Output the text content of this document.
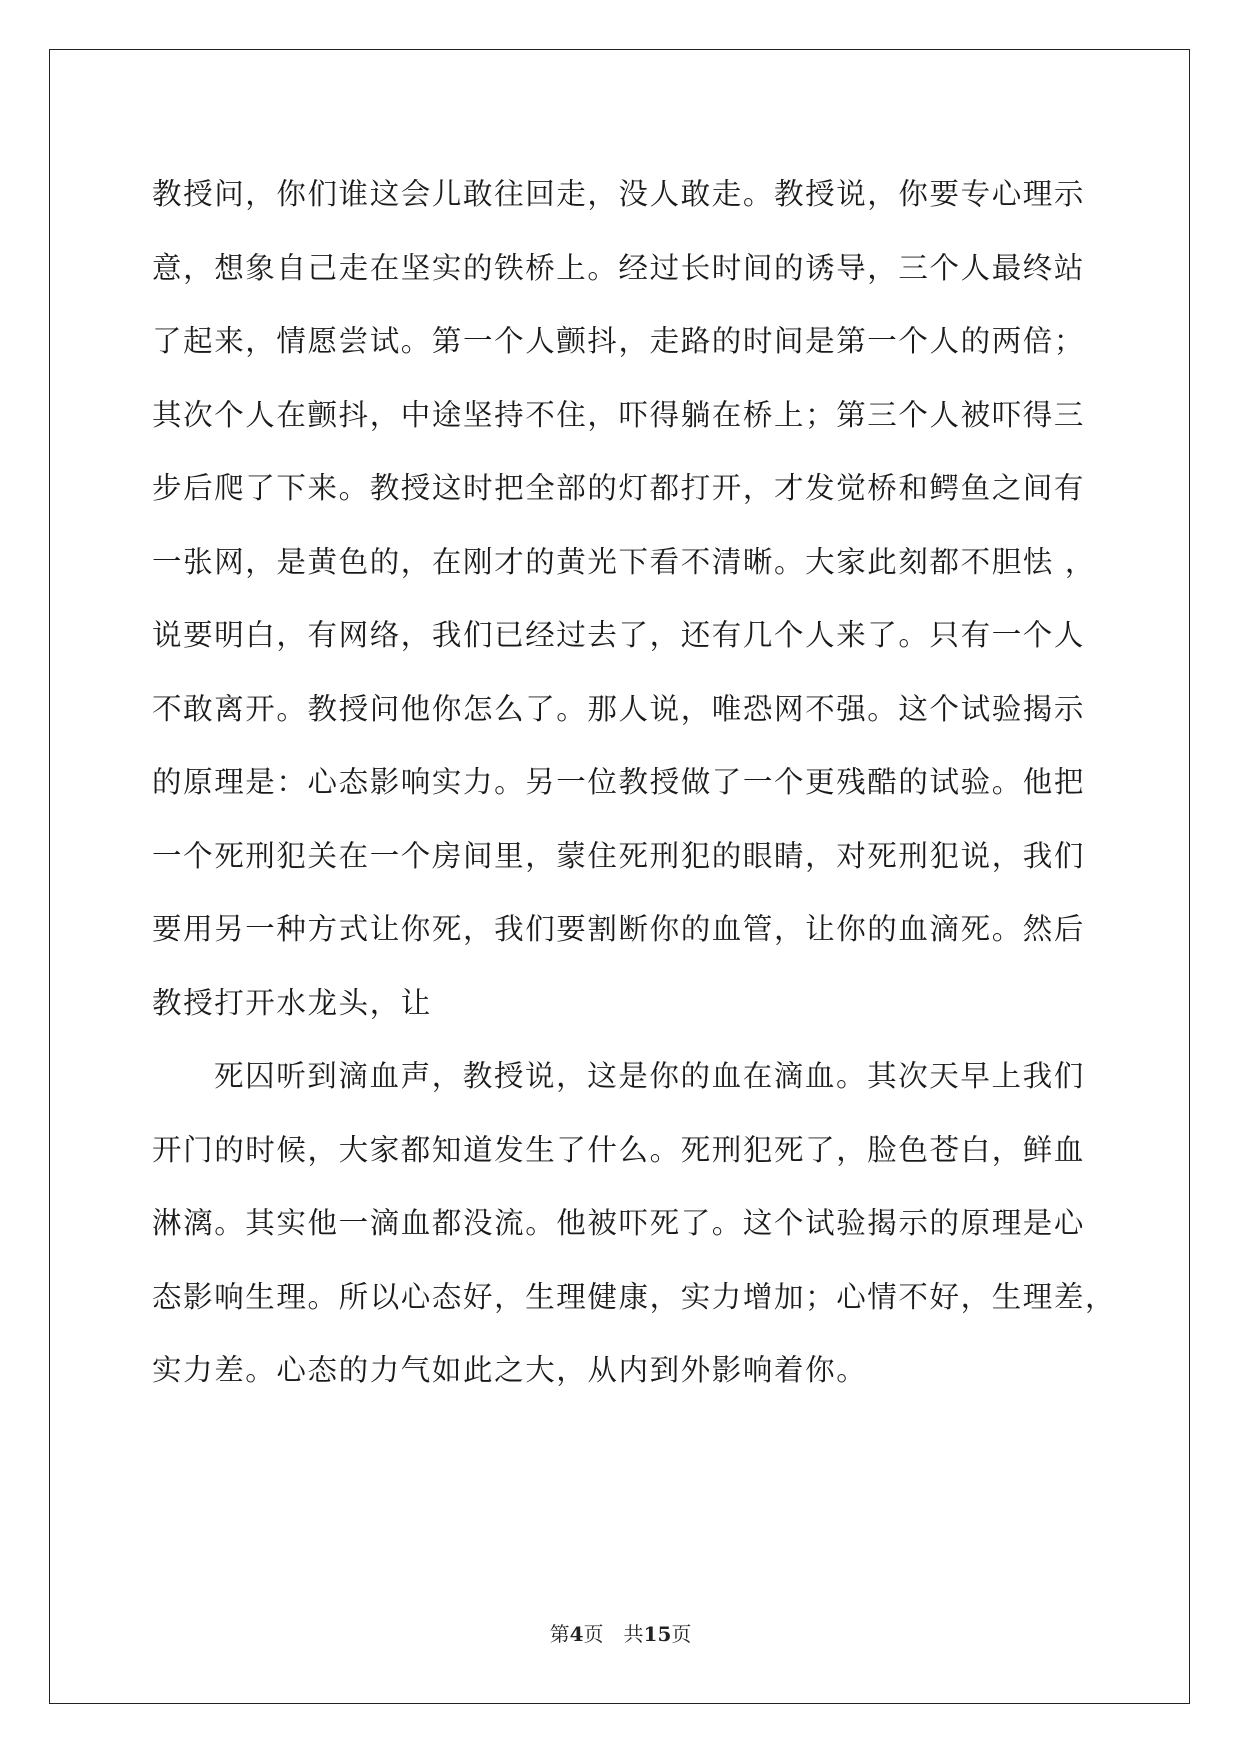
教授问，你们谁这会儿敢往回走，没人敢走。教授说，你要专心理示
意，想象自己走在坚实的铁桥上。经过长时间的诱导，三个人最终站
了起来，情愿尝试。第一个人颤抖，走路的时间是第一个人的两倍；
其次个人在颤抖，中途坚持不住，吓得躺在桥上；第三个人被吓得三
步后爬了下来。教授这时把全部的灯都打开，才发觉桥和鳄鱼之间有
一张网，是黄色的，在刚才的黄光下看不清晰。大家此刻都不胆怯 ，
说要明白，有网络，我们已经过去了，还有几个人来了。只有一个人
不敢离开。教授问他你怎么了。那人说，唯恐网不强。这个试验揭示
的原理是：心态影响实力。另一位教授做了一个更残酷的试验。他把
一个死刑犯关在一个房间里，蒙住死刑犯的眼睛，对死刑犯说，我们
要用另一种方式让你死，我们要割断你的血管，让你的血滴死。然后
教授打开水龙头，让
死囚听到滴血声，教授说，这是你的血在滴血。其次天早上我们
开门的时候，大家都知道发生了什么。死刑犯死了，脸色苍白，鲜血
淋漓。其实他一滴血都没流。他被吓死了。这个试验揭示的原理是心
态影响生理。所以心态好，生理健康，实力增加；心情不好，生理差，
实力差。心态的力气如此之大，从内到外影响着你。
第4页 共15页
